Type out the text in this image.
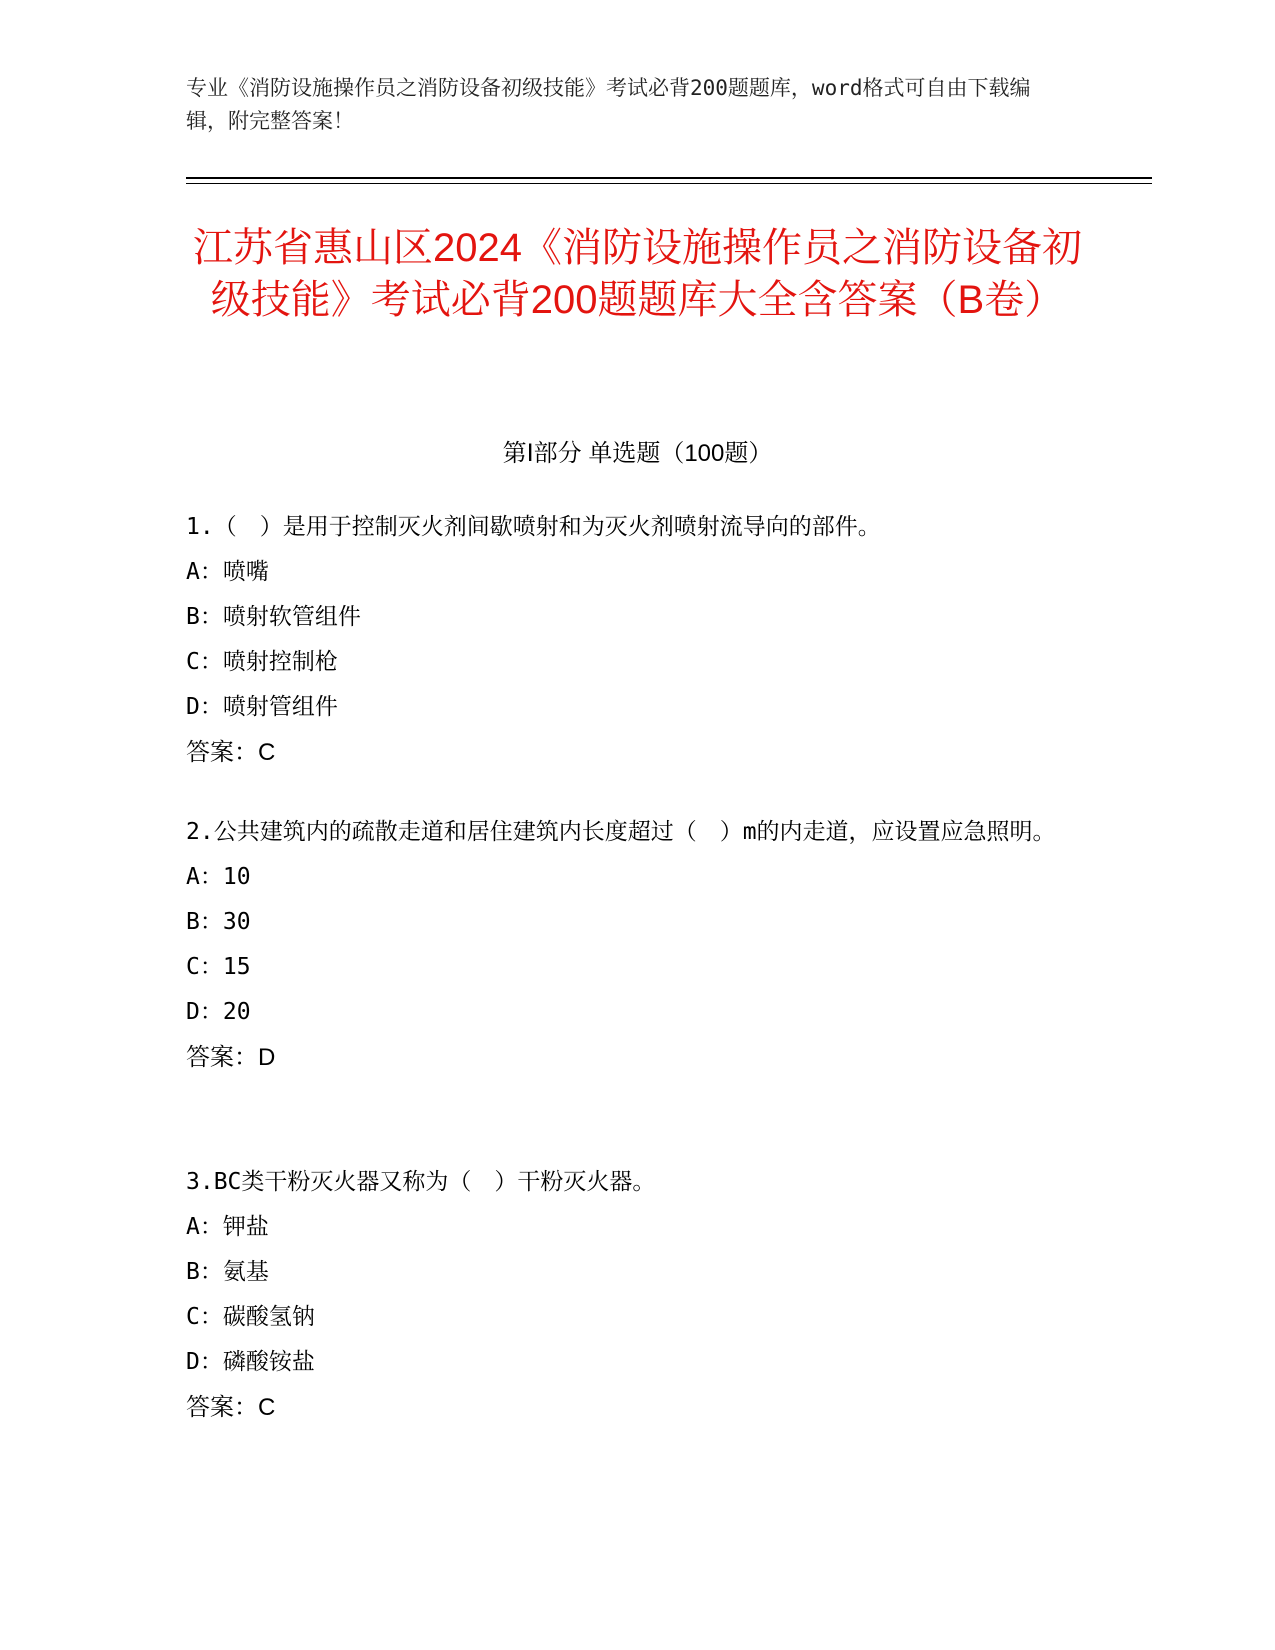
专业《消防设施操作员之消防设备初级技能》考试必背200题题库，word格式可自由下载编辑，附完整答案！
江苏省惠山区2024《消防设施操作员之消防设备初级技能》考试必背200题题库大全含答案（B卷）
第Ⅰ部分 单选题（100题）

1.（　）是用于控制灭火剂间歇喷射和为灭火剂喷射流导向的部件。

A：喷嘴

B：喷射软管组件

C：喷射控制枪

D：喷射管组件

答案：C

2.公共建筑内的疏散走道和居住建筑内长度超过（　）m的内走道，应设置应急照明。

A：10

B：30

C：15

D：20

答案：D

3.BC类干粉灭火器又称为（　）干粉灭火器。

A：钾盐

B：氨基

C：碳酸氢钠

D：磷酸铵盐

答案：C
